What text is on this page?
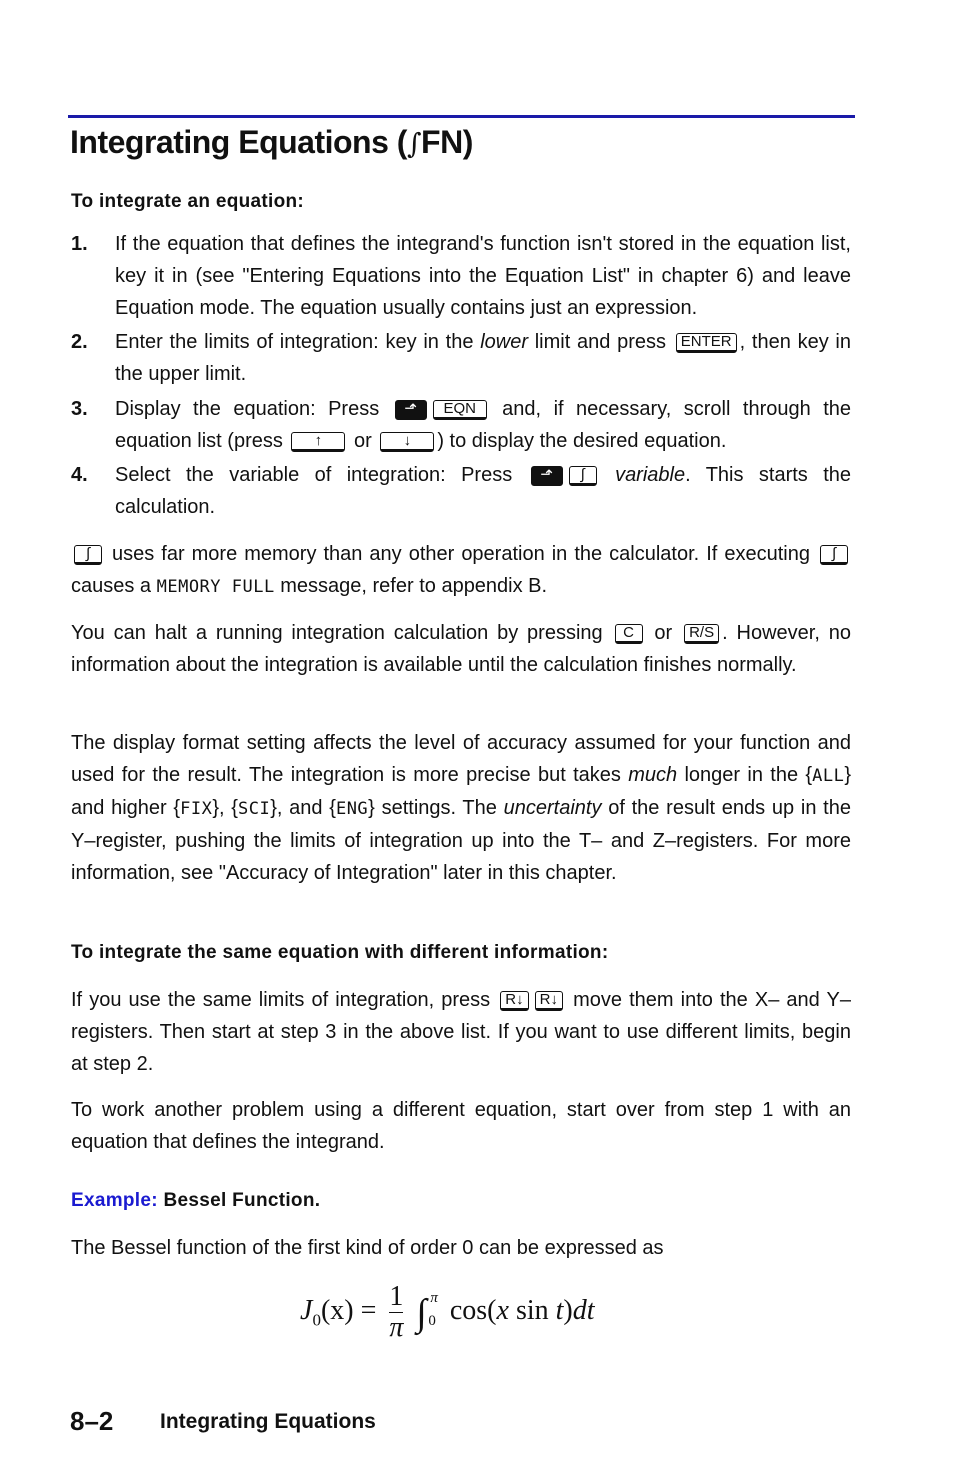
Integrating Equations (∫FN)
To integrate an equation:
1. If the equation that defines the integrand's function isn't stored in the equation list, key it in (see "Entering Equations into the Equation List" in chapter 6) and leave Equation mode. The equation usually contains just an expression.
2. Enter the limits of integration: key in the lower limit and press ENTER , then key in the upper limit.
3. Display the equation: Press ⬏ EQN and, if necessary, scroll through the equation list (press ↑ or ↓ ) to display the desired equation.
4. Select the variable of integration: Press ⬏ ∫ variable. This starts the calculation.
∫ uses far more memory than any other operation in the calculator. If executing ∫ causes a MEMORY FULL message, refer to appendix B.
You can halt a running integration calculation by pressing C or R/S . However, no information about the integration is available until the calculation finishes normally.
The display format setting affects the level of accuracy assumed for your function and used for the result. The integration is more precise but takes much longer in the {ALL} and higher {FIX}, {SCI}, and {ENG} settings. The uncertainty of the result ends up in the Y–register, pushing the limits of integration up into the T– and Z–registers. For more information, see "Accuracy of Integration" later in this chapter.
To integrate the same equation with different information:
If you use the same limits of integration, press R↓ R↓ move them into the X– and Y–registers. Then start at step 3 in the above list. If you want to use different limits, begin at step 2.
To work another problem using a different equation, start over from step 1 with an equation that defines the integrand.
Example: Bessel Function.
The Bessel function of the first kind of order 0 can be expressed as
$J_0(x) = \frac{1}{\pi}$ ∫ π
0 cos(x sin t)dt
8–2 Integrating Equations
